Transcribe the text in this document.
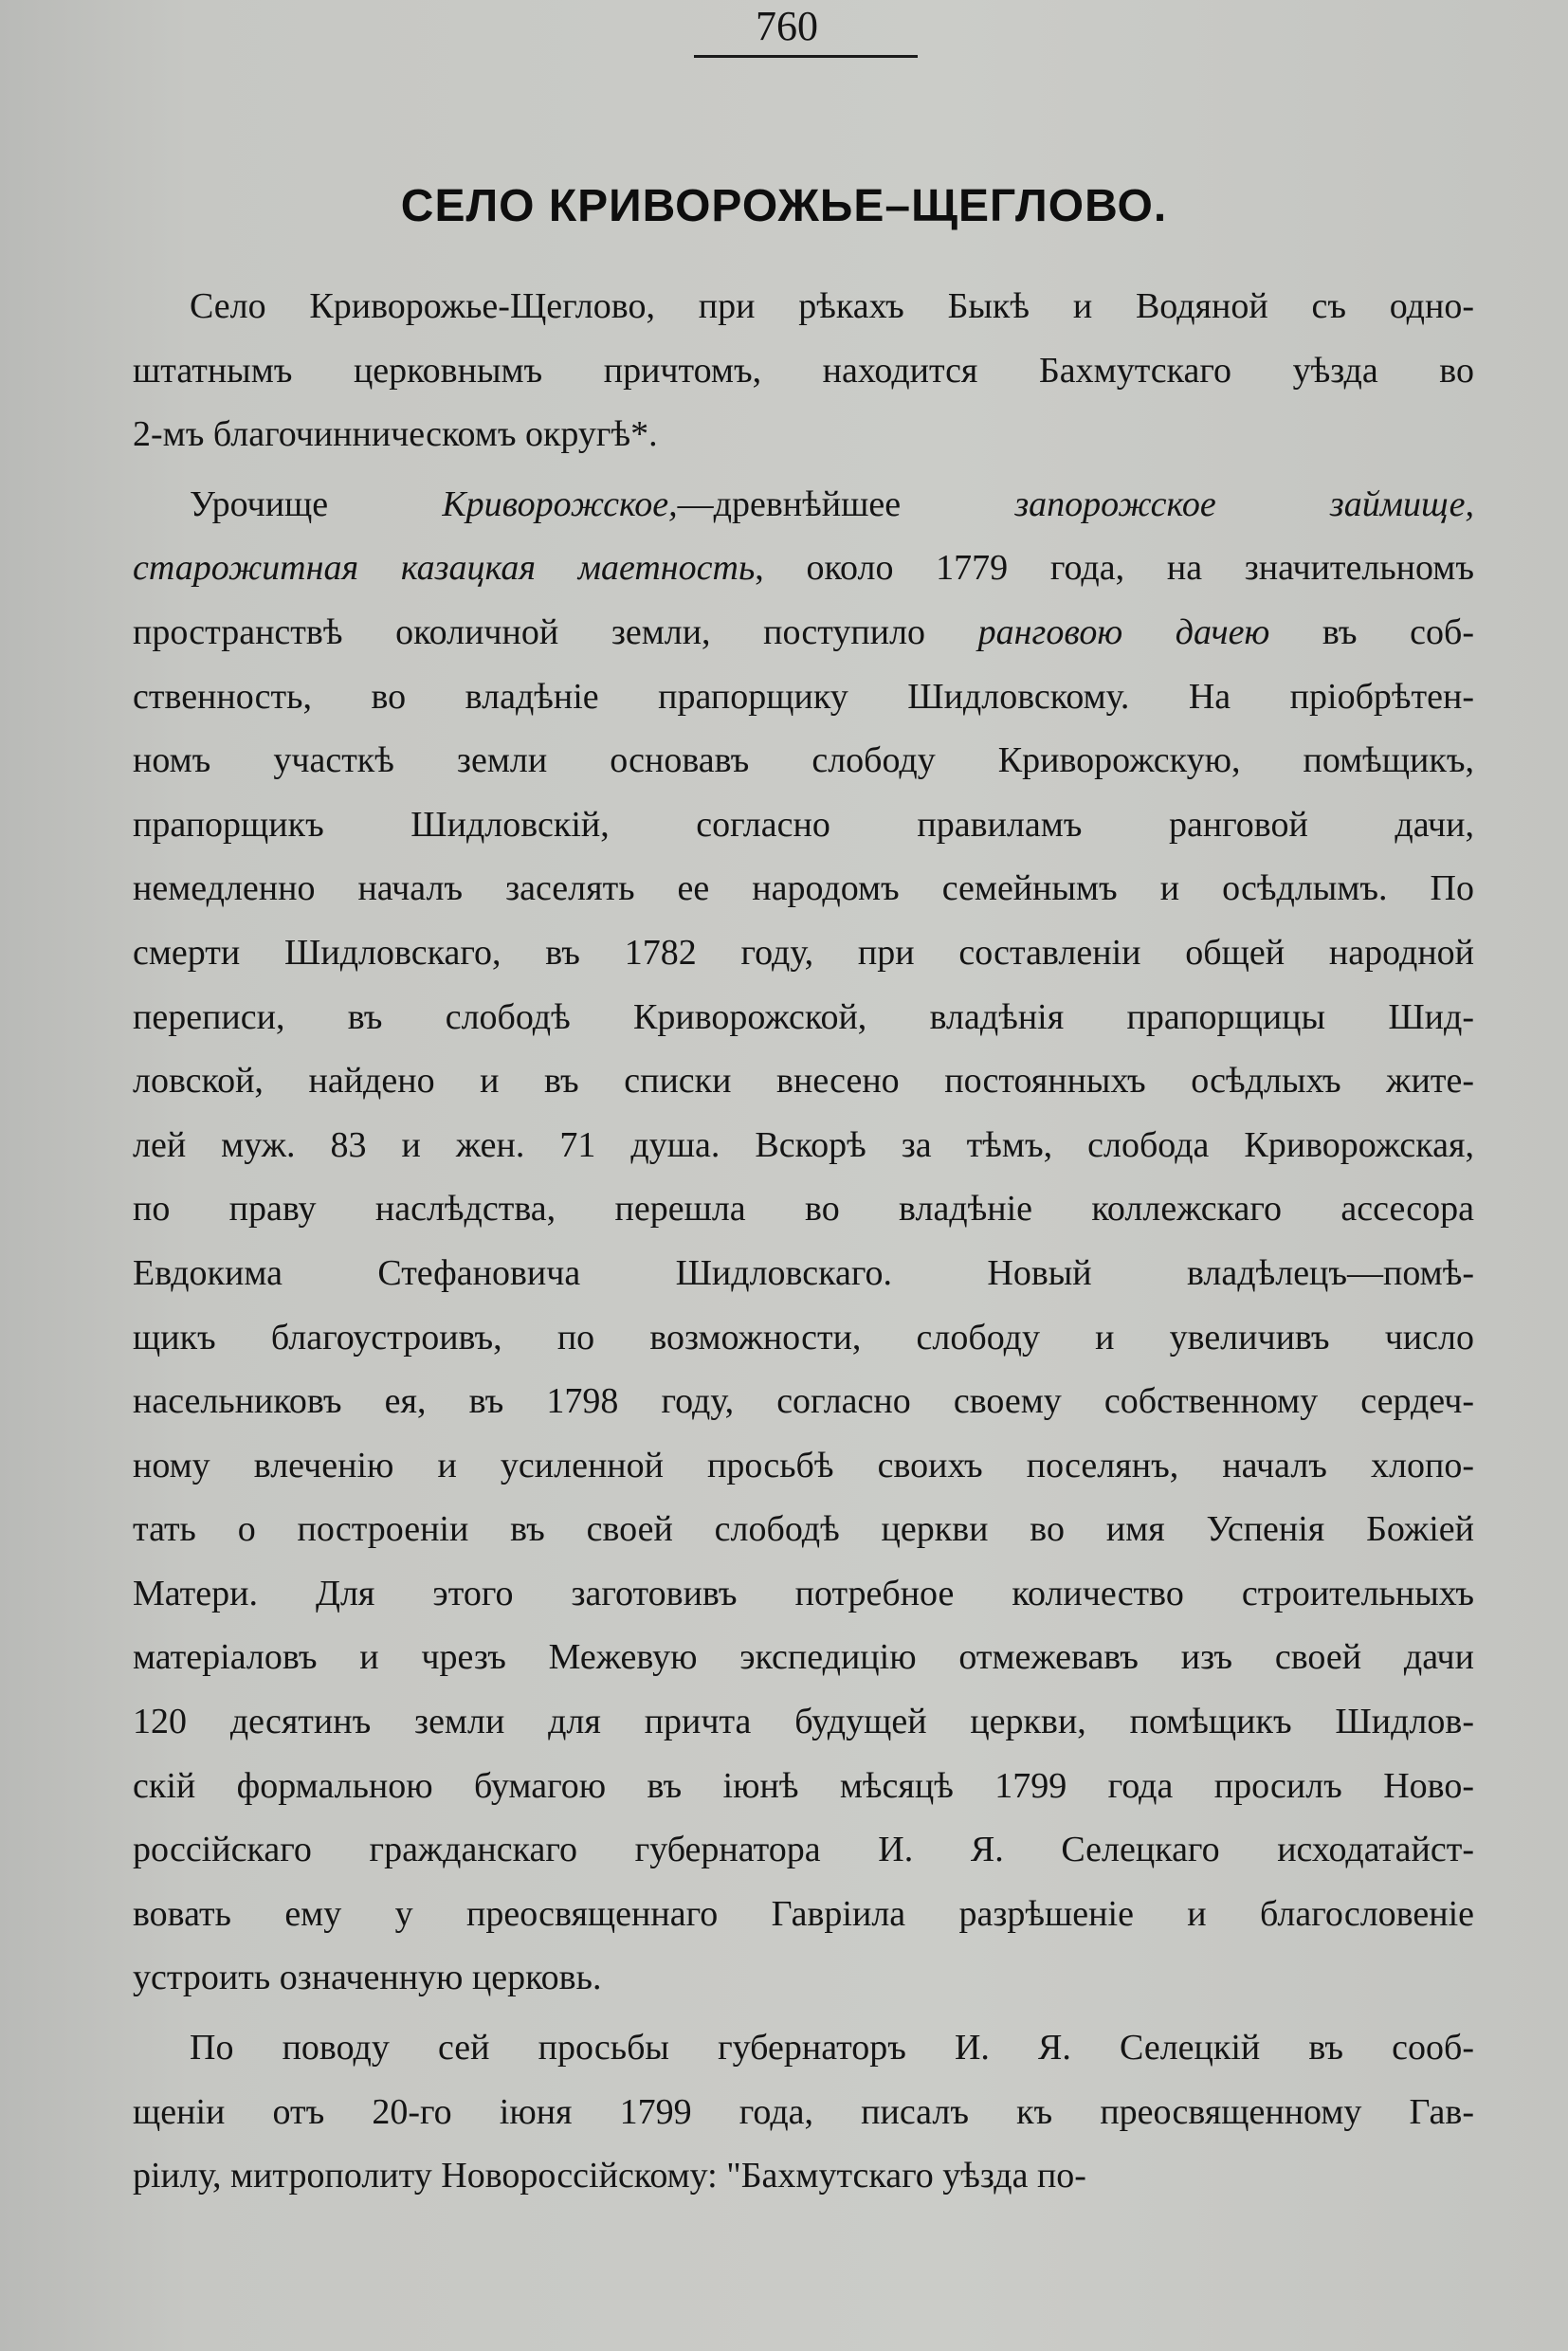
760
СЕЛО КРИВОРОЖЬЕ–ЩЕГЛОВО.
Село Криворожье-Щеглово, при рѣкахъ Быкѣ и Водяной съ одно-
штатнымъ церковнымъ причтомъ, находится Бахмутскаго уѣзда во
2-мъ благочинническомъ округѣ*.
Урочище Криворожское,—древнѣйшее запорожское займище,
старожитная казацкая маетность, около 1779 года, на значительномъ
пространствѣ околичной земли, поступило ранговою дачею въ соб-
ственность, во владѣніе прапорщику Шидловскому. На пріобрѣтен-
номъ участкѣ земли основавъ слободу Криворожскую, помѣщикъ,
прапорщикъ Шидловскій, согласно правиламъ ранговой дачи,
немедленно началъ заселять ее народомъ семейнымъ и осѣдлымъ. По
смерти Шидловскаго, въ 1782 году, при составленіи общей народной
переписи, въ слободѣ Криворожской, владѣнія прапорщицы Шид-
ловской, найдено и въ списки внесено постоянныхъ осѣдлыхъ жите-
лей муж. 83 и жен. 71 душа. Вскорѣ за тѣмъ, слобода Криворожская,
по праву наслѣдства, перешла во владѣніе коллежскаго ассесора
Евдокима Стефановича Шидловскаго. Новый владѣлецъ—помѣ-
щикъ благоустроивъ, по возможности, слободу и увеличивъ число
насельниковъ ея, въ 1798 году, согласно своему собственному сердеч-
ному влеченію и усиленной просьбѣ своихъ поселянъ, началъ хлопо-
тать о построеніи въ своей слободѣ церкви во имя Успенія Божіей
Матери. Для этого заготовивъ потребное количество строительныхъ
матеріаловъ и чрезъ Межевую экспедицію отмежевавъ изъ своей дачи
120 десятинъ земли для причта будущей церкви, помѣщикъ Шидлов-
скій формальною бумагою въ іюнѣ мѣсяцѣ 1799 года просилъ Ново-
россійскаго гражданскаго губернатора И. Я. Селецкаго исходатайст-
вовать ему у преосвященнаго Гавріила разрѣшеніе и благословеніе
устроить означенную церковь.
По поводу сей просьбы губернаторъ И. Я. Селецкій въ сооб-
щеніи отъ 20-го іюня 1799 года, писалъ къ преосвященному Гав-
ріилу, митрополиту Новороссійскому: "Бахмутскаго уѣзда по-
